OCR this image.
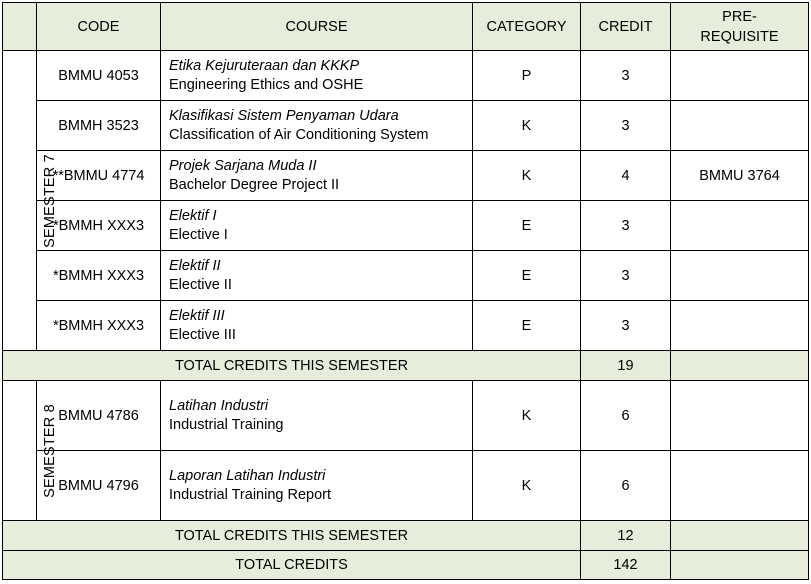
	CODE	COURSE	CATEGORY	CREDIT	PRE-
REQUISITE

SEMESTER 7	BMMU 4053	Etika Kejuruteraan dan KKKP
Engineering Ethics and OSHE	P	3	
	BMMH 3523	Klasifikasi Sistem Penyaman Udara
Classification of Air Conditioning System	K	3	
	**BMMU 4774	Projek Sarjana Muda II
Bachelor Degree Project II	K	4	BMMU 3764
	*BMMH XXX3	Elektif I
Elective I	E	3	
	*BMMH XXX3	Elektif II
Elective II	E	3	
	*BMMH XXX3	Elektif III
Elective III	E	3	
TOTAL CREDITS THIS SEMESTER				19	
SEMESTER 8	BMMU 4786	Latihan Industri
Industrial Training	K	6	
	BMMU 4796	Laporan Latihan Industri
Industrial Training Report	K	6	
TOTAL CREDITS THIS SEMESTER				12	
TOTAL CREDITS				142	
